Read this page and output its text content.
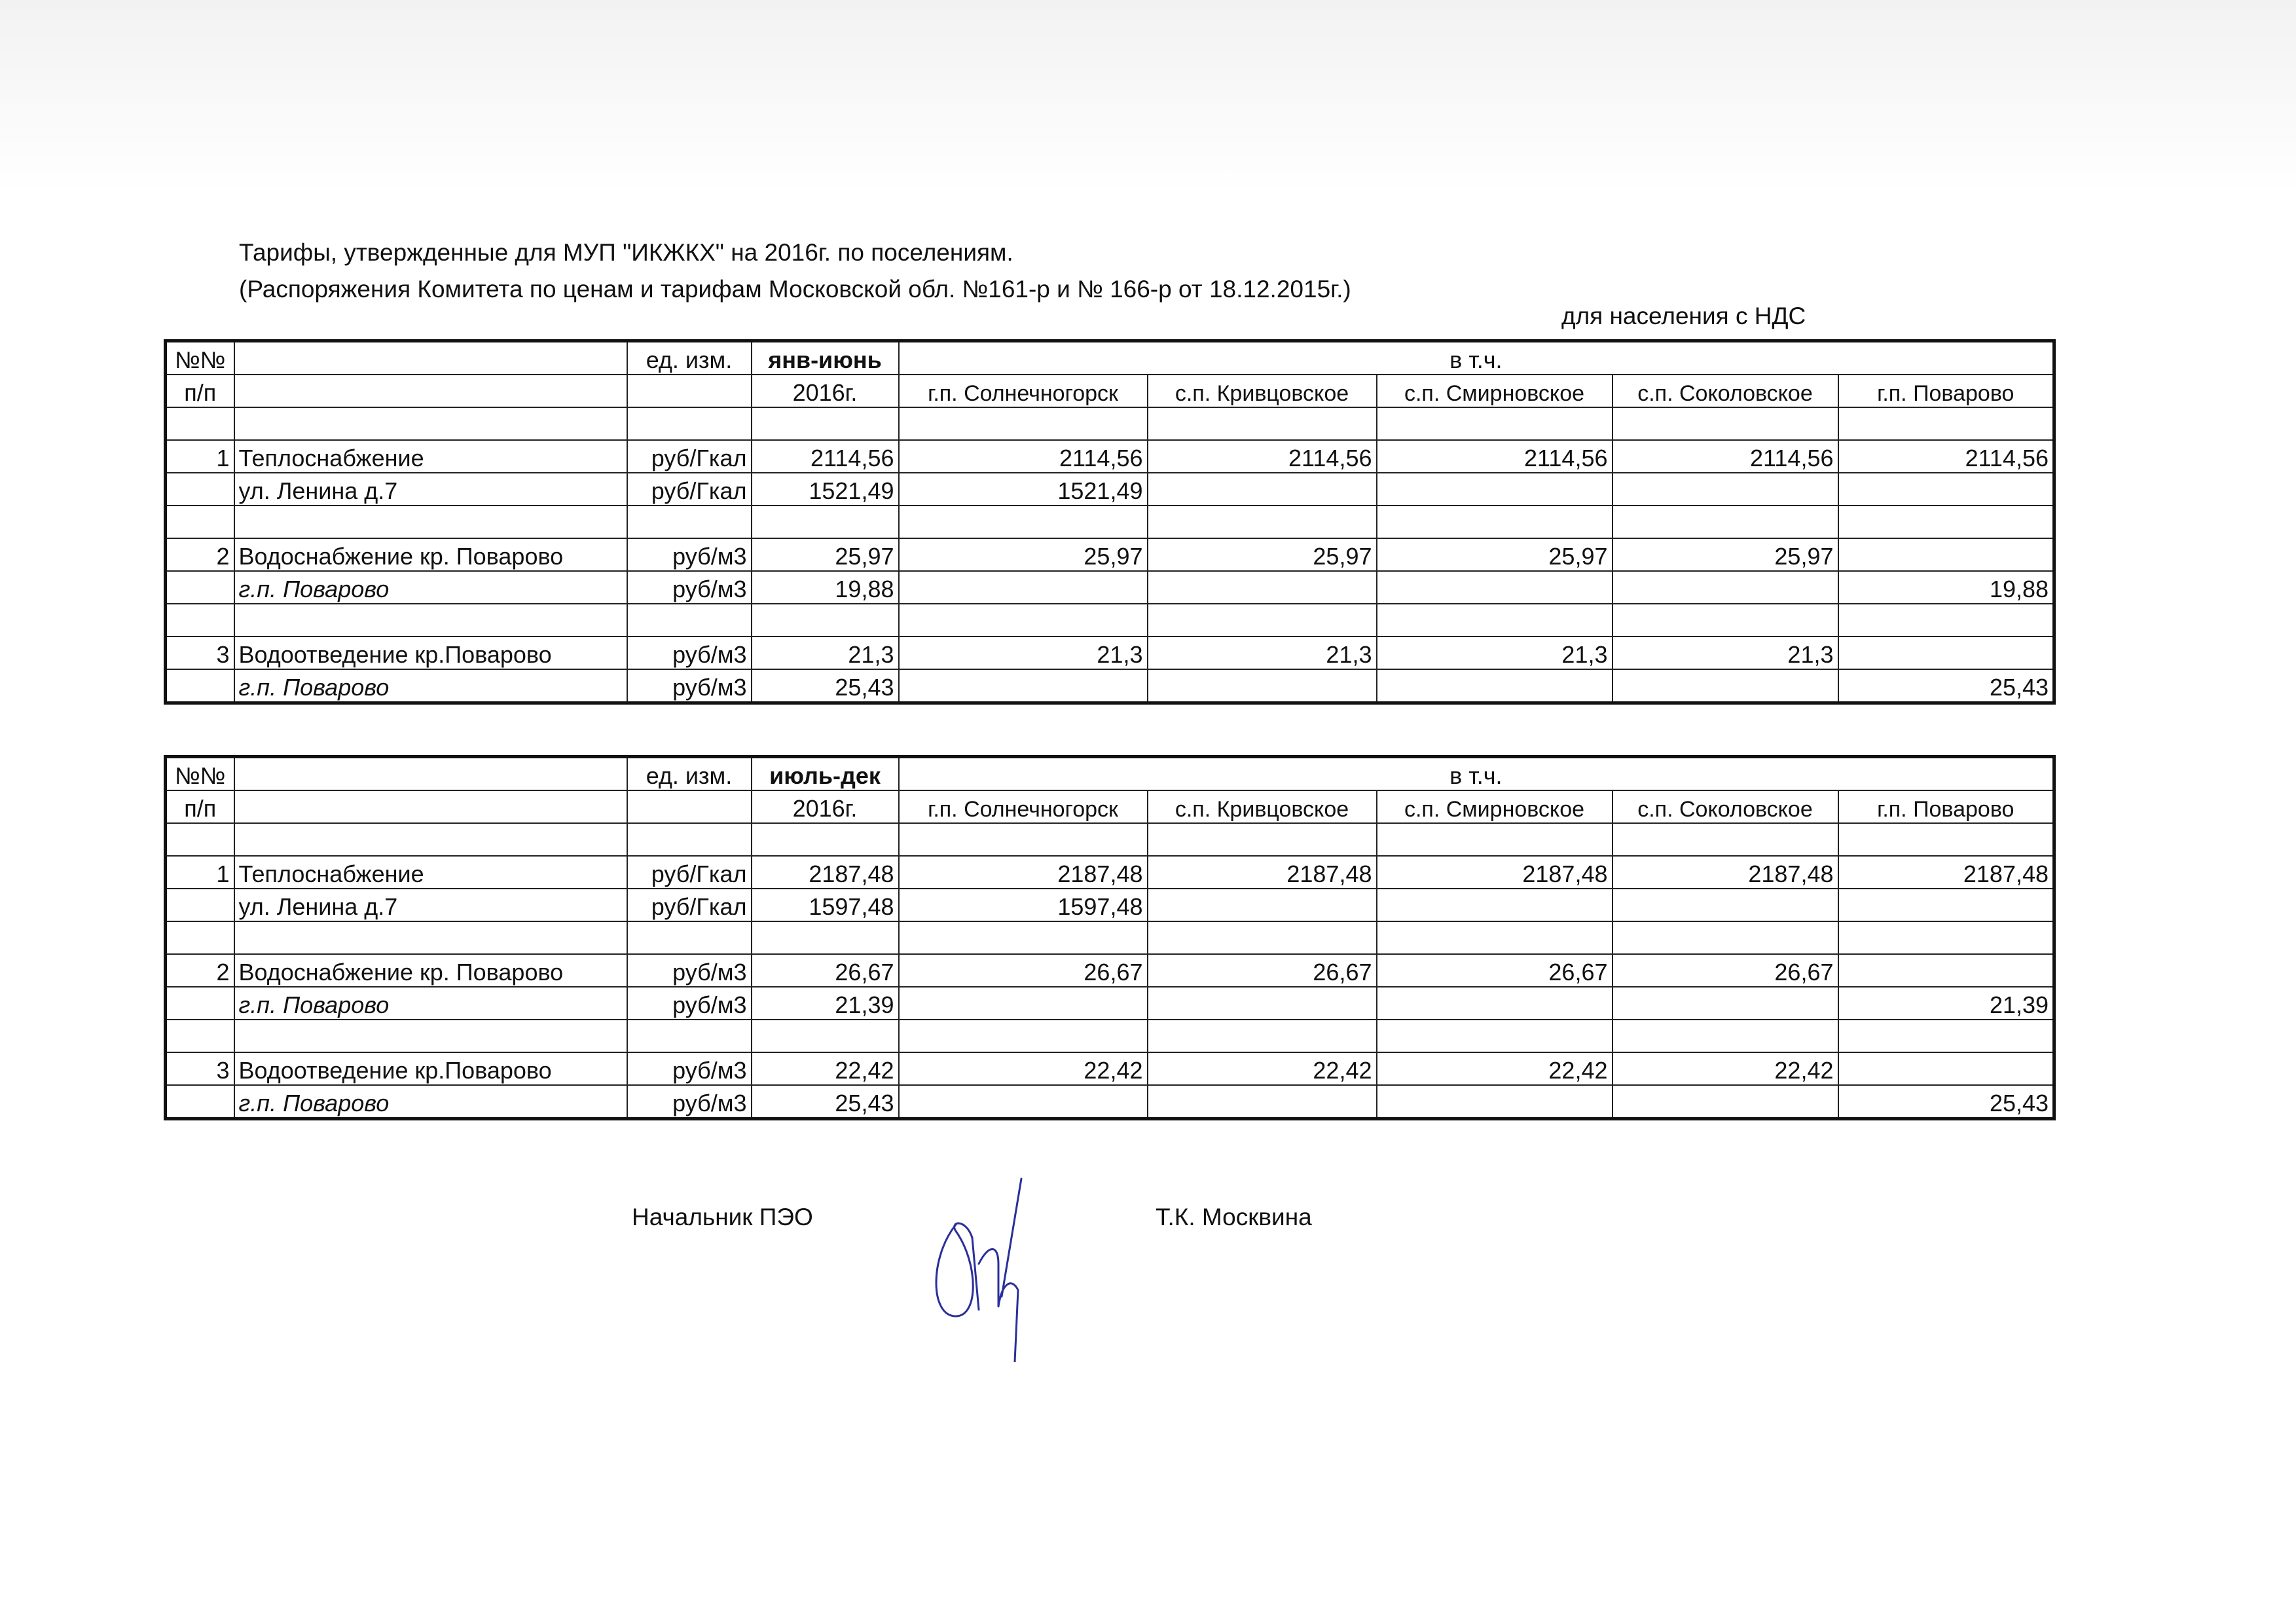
Тарифы, утвержденные для МУП "ИКЖКХ" на 2016г. по поселениям.
(Распоряжения Комитета по ценам и тарифам Московской обл. №161-р и № 166-р от 18.12.2015г.)
для населения с НДС
№№		ед. изм.	янв-июнь	в т.ч.				
п/п			2016г.	г.п. Солнечногорск	с.п. Кривцовское	с.п. Смирновское	с.п. Соколовское	г.п. Поварово

1	Теплоснабжение	руб/Гкал	2114,56	2114,56	2114,56	2114,56	2114,56	2114,56
	ул. Ленина д.7	руб/Гкал	1521,49	1521,49				

2	Водоснабжение кр. Поварово	руб/м3	25,97	25,97	25,97	25,97	25,97	
	г.п. Поварово	руб/м3	19,88					19,88

3	Водоотведение кр.Поварово	руб/м3	21,3	21,3	21,3	21,3	21,3	
	г.п. Поварово	руб/м3	25,43					25,43
№№		ед. изм.	июль-дек	в т.ч.				
п/п			2016г.	г.п. Солнечногорск	с.п. Кривцовское	с.п. Смирновское	с.п. Соколовское	г.п. Поварово

1	Теплоснабжение	руб/Гкал	2187,48	2187,48	2187,48	2187,48	2187,48	2187,48
	ул. Ленина д.7	руб/Гкал	1597,48	1597,48				

2	Водоснабжение кр. Поварово	руб/м3	26,67	26,67	26,67	26,67	26,67	
	г.п. Поварово	руб/м3	21,39					21,39

3	Водоотведение кр.Поварово	руб/м3	22,42	22,42	22,42	22,42	22,42	
	г.п. Поварово	руб/м3	25,43					25,43
Начальник ПЭО	Т.К. Москвина
